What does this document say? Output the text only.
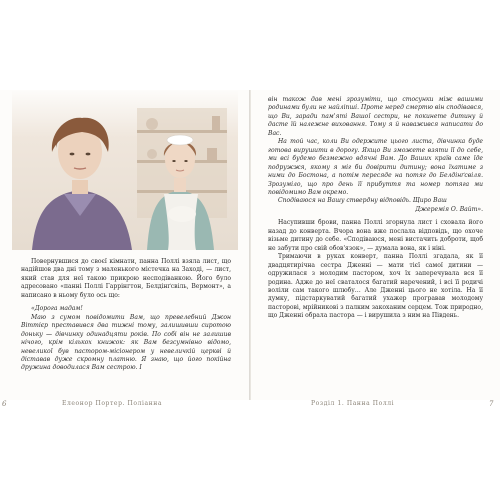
Повернувшися до своєї кімнати, панна Поллі взяла лист, що надійшов два дні тому з маленького містечка на Заході, — лист, який став для неї такою прикрою несподіванкою. Його було адресовано «панні Поллі Гаррінгтон, Белдінґсвіль, Вермонт», а написано в ньому було ось що:

«Дорога мадам!

Маю з сумом повідомити Вам, що превелебний Джон Віттієр преставився два тижні тому, залишивши сиротою доньку — дівчинку одинадцяти років. По собі він не залишив нічого, крім кількох книжок: як Вам безсумнівно відомо, невеликої був пастором-місіонером у невеличкій церкві й діставав дуже скромну платню. Я знаю, що його покійна дружина доводилася Вам сестрою. І

6	Елеонор Портер. Поліанна

він також дав мені зрозуміти, що стосунки між вашими родинами були не найліпші. Проте неред смертю він сподівався, що Ви, заради пам'яті Вашої сестри, не покинете дитину й дасте їй належне виховання. Тому я й наважився написати до Вас.

На той час, коли Ви одержите цього листа, дівчинка буде готова вирушити в дорогу. Якщо Ви зможете взяти її до себе, ми всі будемо безмежно вдячні Вам. До Ваших країв саме їде подружжя, якому я міг би довірити дитину; вона їхатиме з ними до Бостона, а потім пересяде на потяг до Белдінґсвіля. Зрозуміло, що про день її прибуття та номер потяга ми повідомимо Вам окремо.

Сподіваюся на Вашу стверднy відповідь. Щиро Ваш

Джеремія О. Вайт».

Насупивши брови, панна Поллі згорнула лист і сховала його назад до конверта. Вчора вона вже послала відповідь, що охоче візьме дитину до себе. «Сподіваюся, мені вистачить доброти, щоб не забути про свій обов'язок», — думала вона, як і ніні.

Тримаючи в руках конверт, панна Поллі згадала, як її двадцятирічна сестра Дженні — мати тієї самої дитини — одружилася з молодим пастором, хоч їх заперечувала вся її родина. Адже до неї сваталося багатий наречений, і всі її родичі воліли сам такого шлюбу… Але Дженні цього не хотіла. На її думку, підстаркуватий багатий ухажер програвав молодому пасторові, мрійникові з палким закоханим серцем. Тож природно, що Дженні обрала пастора — і вирушила з ним на Південь.

Розділ 1. Панна Поллі	7
